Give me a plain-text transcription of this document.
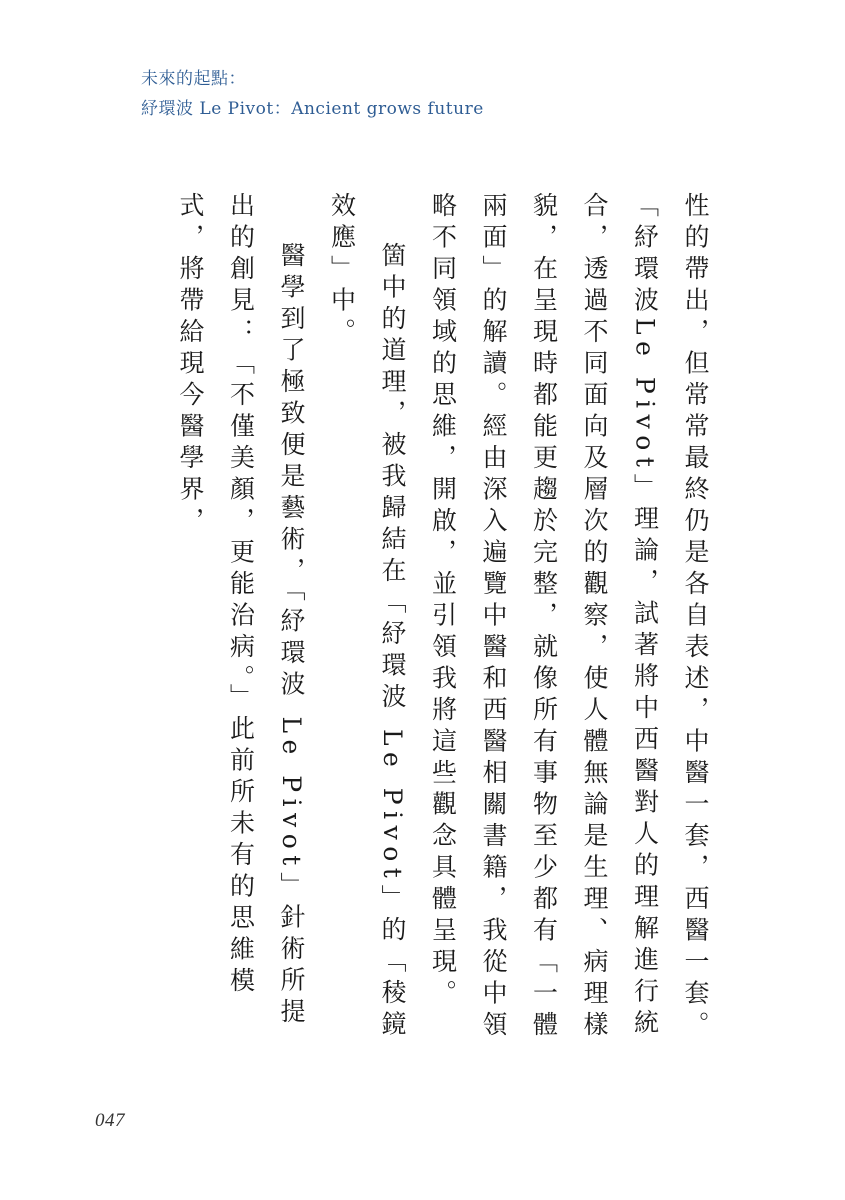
未來的起點：
紓環波 Le Pivot：Ancient grows future

性的帶出，但常常最終仍是各自表述，中醫一套，西醫一套。「紓環波Le Pivot」理論，試著將中西醫對人的理解進行統合，透過不同面向及層次的觀察，使人體無論是生理、病理樣貌，在呈現時都能更趨於完整，就像所有事物至少都有「一體兩面」的解讀。經由深入遍覽中醫和西醫相關書籍，我從中領略不同領域的思維，開啟，並引領我將這些觀念具體呈現。

箇中的道理，被我歸結在「紓環波 Le Pivot」的「稜鏡效應」中。

醫學到了極致便是藝術，「紓環波 Le Pivot」針術所提出的創見：「不僅美顏，更能治病。」此前所未有的思維模式，將帶給現今醫學界，

047
